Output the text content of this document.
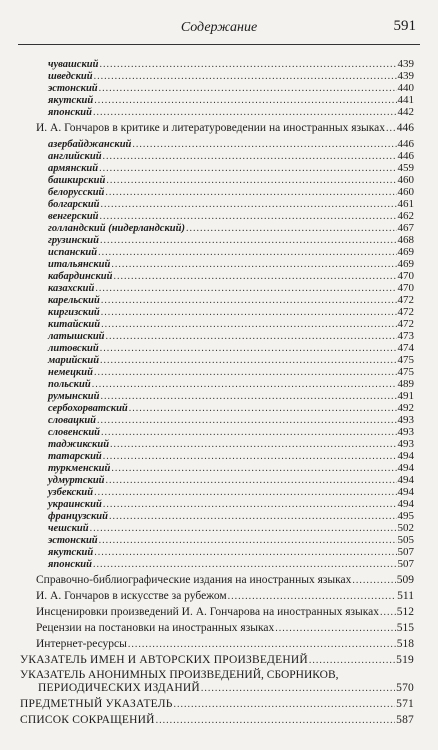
Содержание	591
чувашский .....	439
шведский .....	439
эстонский .....	440
якутский .....	441
японский .....	442
И. А. Гончаров в критике и литературоведении на иностранных языках ..... 446
азербайджанский .....	446
английский .....	446
армянский .....	459
башкирский .....	460
белорусский .....	460
болгарский .....	461
венгерский .....	462
голландский (нидерландский) .....	467
грузинский .....	468
испанский .....	469
итальянский .....	469
кабардинский .....	470
казахский .....	470
карельский .....	472
киргизский .....	472
китайский .....	472
латышский .....	473
литовский .....	474
марийский .....	475
немецкий .....	475
польский .....	489
румынский .....	491
сербохорватский .....	492
словацкий .....	493
словенский .....	493
таджикский .....	493
татарский .....	494
туркменский .....	494
удмуртский .....	494
узбекский .....	494
украинский .....	494
французский .....	495
чешский .....	502
эстонский .....	505
якутский .....	507
японский .....	507
Справочно-библиографические издания на иностранных языках .....	509
И. А. Гончаров в искусстве за рубежом .....	511
Инсценировки произведений И. А. Гончарова на иностранных языках ..... 512
Рецензии на постановки на иностранных языках .....	515
Интернет-ресурсы .....	518
УКАЗАТЕЛЬ ИМЕН И АВТОРСКИХ ПРОИЗВЕДЕНИЙ .....	519
УКАЗАТЕЛЬ АНОНИМНЫХ ПРОИЗВЕДЕНИЙ, СБОРНИКОВ,
ПЕРИОДИЧЕСКИХ ИЗДАНИЙ .....	570
ПРЕДМЕТНЫЙ УКАЗАТЕЛЬ .....	571
СПИСОК СОКРАЩЕНИЙ .....	587
